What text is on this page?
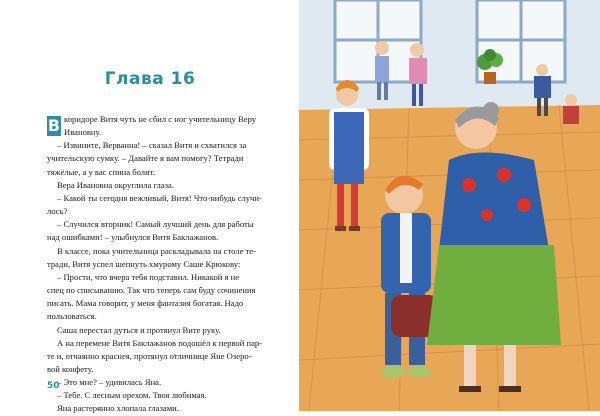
Глава 16

В коридоре Витя чуть не сбил с ног учительницу Веру

Ивановну.

– Извините, Верванна! – сказал Витя и схватился за

учительскую сумку. – Давайте я вам помогу? Тетради

тяжёлые, а у вас спина болит.

Вера Ивановна округлила глаза.

– Какой ты сегодня вежливый, Витя! Что-нибудь случи-

лось?

– Случился вторник! Самый лучший день для работы

над ошибками! – улыбнулся Витя Баклажанов.

В классе, пока учительница раскладывала на столе те-

тради, Витя успел шепнуть хмурому Саше Крюкову:

– Прости, что вчера тебя подставил. Никакой я не

спец по списыванию. Так что теперь сам буду сочинения

писать. Мама говорит, у меня фантазия богатая. Надо

пользоваться.

Саша перестал дуться и протянул Вите руку.

А на перемене Витя Баклажанов подошёл к первой пар-

те и, отчаянно краснея, протянул отличнице Яне Озеро-

вой конфету.

– Это мне? – удивилась Яна.

– Тебе. С лесным орехом. Твоя любимая.

Яна растерянно хлопала глазами.

50
